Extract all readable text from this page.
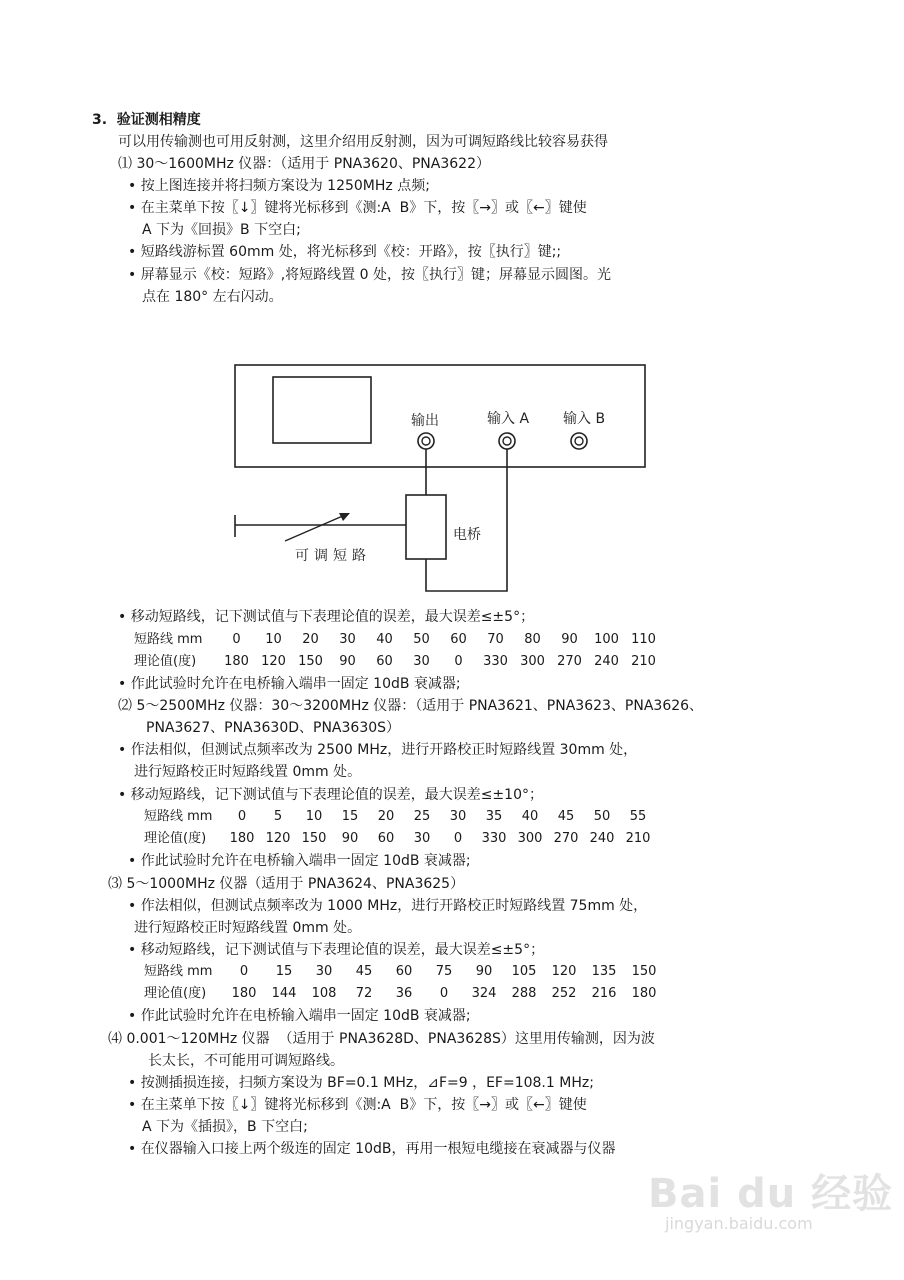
3.  验证测相精度
可以用传输测也可用反射测，这里介绍用反射测，因为可调短路线比较容易获得
⑴ 30～1600MHz 仪器：（适用于 PNA3620、PNA3622）
• 按上图连接并将扫频方案设为 1250MHz 点频;
• 在主菜单下按〖↓〗键将光标移到《测:A  B》下，按〖→〗或〖←〗键使
A 下为《回损》B 下空白;
• 短路线游标置 60mm 处，将光标移到《校：开路》，按〖执行〗键;;
• 屏幕显示《校：短路》,将短路线置 0 处，按〖执行〗键；屏幕显示圆图。光
点在 180° 左右闪动。
输出	输入 A 输入 B
电桥
可调短路
• 移动短路线，记下测试值与下表理论值的误差，最大误差≤±5°；
短路线 mm	0	10	20	30	40	50	60	70	80	90	100 110
理论值(度)	180 120 150	90	60	30	0	330 300 270 240 210
• 作此试验时允许在电桥输入端串一固定 10dB 衰减器;
⑵ 5～2500MHz 仪器：30～3200MHz 仪器：（适用于 PNA3621、PNA3623、PNA3626、
PNA3627、PNA3630D、PNA3630S）
• 作法相似，但测试点频率改为 2500 MHz，进行开路校正时短路线置 30mm 处，
进行短路校正时短路线置 0mm 处。
• 移动短路线，记下测试值与下表理论值的误差，最大误差≤±10°；
短路线 mm	0	5	10	15	20	25	30	35	40	45	50	55
理论值(度)	180 120 150	90	60	30	0	330 300 270 240 210
• 作此试验时允许在电桥输入端串一固定 10dB 衰减器;
⑶ 5～1000MHz 仪器（适用于 PNA3624、PNA3625）
• 作法相似，但测试点频率改为 1000 MHz，进行开路校正时短路线置 75mm 处，
进行短路校正时短路线置 0mm 处。
• 移动短路线，记下测试值与下表理论值的误差，最大误差≤±5°；
短路线 mm	0	15	30	45	60	75	90	105	120	135	150
理论值(度)	180	144	108	72	36	0	324	288	252	216	180
• 作此试验时允许在电桥输入端串一固定 10dB 衰减器;
⑷ 0.001～120MHz 仪器  （适用于 PNA3628D、PNA3628S）这里用传输测，因为波
长太长，不可能用可调短路线。
• 按测插损连接，扫频方案设为 BF=0.1 MHz，⊿F=9 ，EF=108.1 MHz;
• 在主菜单下按〖↓〗键将光标移到《测:A  B》下，按〖→〗或〖←〗键使
A 下为《插损》，B 下空白;
• 在仪器输入口接上两个级连的固定 10dB，再用一根短电缆接在衰减器与仪器
Bai du 经验
jingyan.baidu.com
